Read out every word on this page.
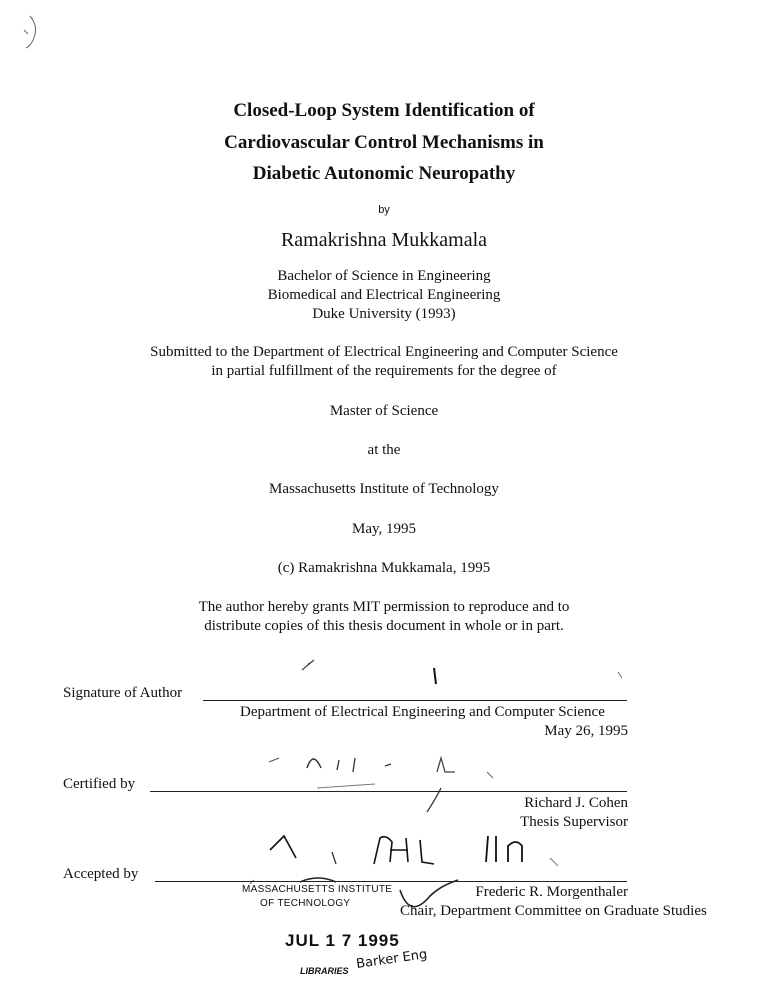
Closed-Loop System Identification of
Cardiovascular Control Mechanisms in
Diabetic Autonomic Neuropathy
by
Ramakrishna Mukkamala
Bachelor of Science in Engineering
Biomedical and Electrical Engineering
Duke University (1993)
Submitted to the Department of Electrical Engineering and Computer Science
in partial fulfillment of the requirements for the degree of
Master of Science
at the
Massachusetts Institute of Technology
May, 1995
(c) Ramakrishna Mukkamala, 1995
The author hereby grants MIT permission to reproduce and to
distribute copies of this thesis document in whole or in part.
Signature of Author
Department of Electrical Engineering and Computer Science
May 26, 1995
Certified by
Richard J. Cohen
Thesis Supervisor
Accepted by
Frederic R. Morgenthaler
Chair, Department Committee on Graduate Studies
MASSACHUSETTS INSTITUTE
OF TECHNOLOGY
JUL 1 7 1995
LIBRARIES Barker Eng
